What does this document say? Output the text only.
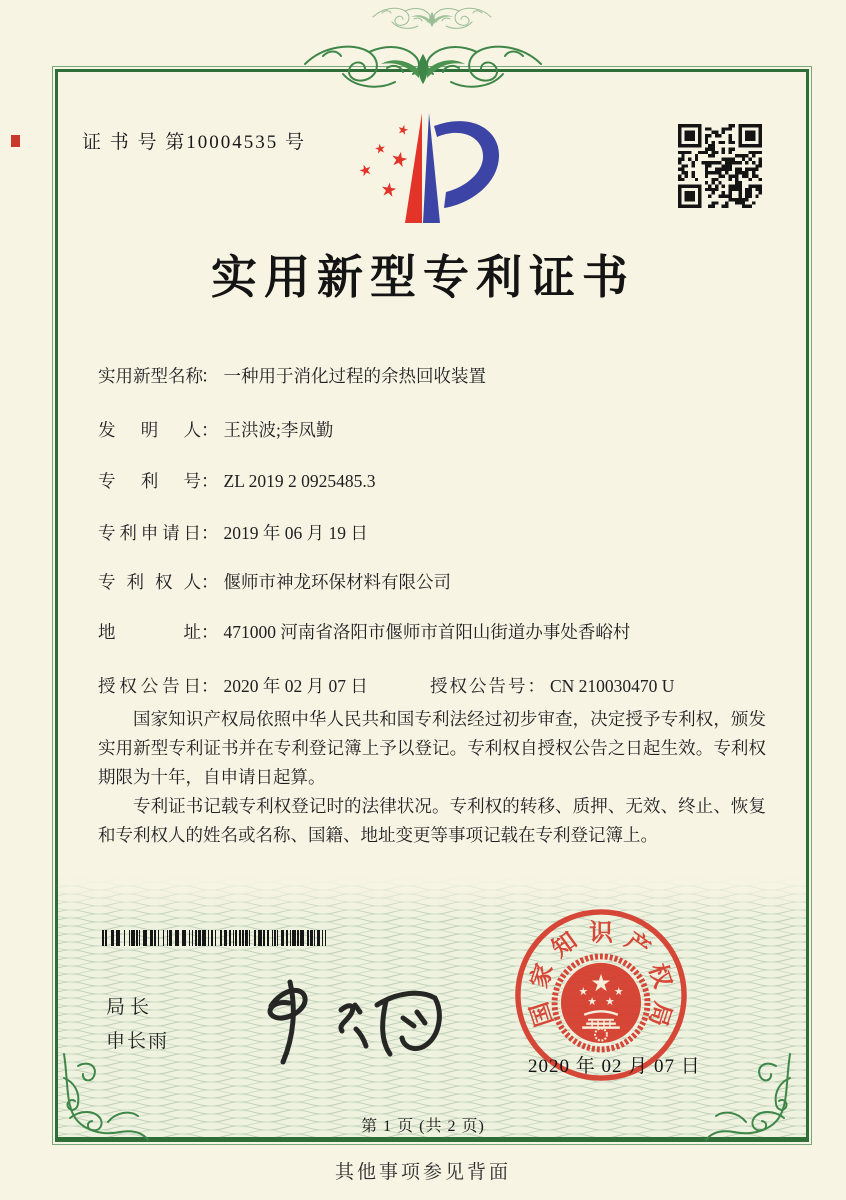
证 书 号 第10004535 号
★
★ ★
★
★
实用新型专利证书
实用新型名称： 一种用于消化过程的余热回收装置
发明人： 王洪波;李凤勤
专利号： ZL 2019 2 0925485.3
专利申请日： 2019 年 06 月 19 日
专利权人： 偃师市神龙环保材料有限公司
地址： 471000 河南省洛阳市偃师市首阳山街道办事处香峪村
授权公告日： 2020 年 02 月 07 日	授权公告号： CN 210030470 U

国家知识产权局依照中华人民共和国专利法经过初步审查，决定授予专利权，颁发实用新型专利证书并在专利登记簿上予以登记。专利权自授权公告之日起生效。专利权期限为十年，自申请日起算。

专利证书记载专利权登记时的法律状况。专利权的转移、质押、无效、终止、恢复和专利权人的姓名或名称、国籍、地址变更等事项记载在专利登记簿上。

局长
申长雨
国
家
知 识 产
权
局
★
★
★ ★
★
2020 年 02 月 07 日
第 1 页 (共 2 页)
其他事项参见背面
